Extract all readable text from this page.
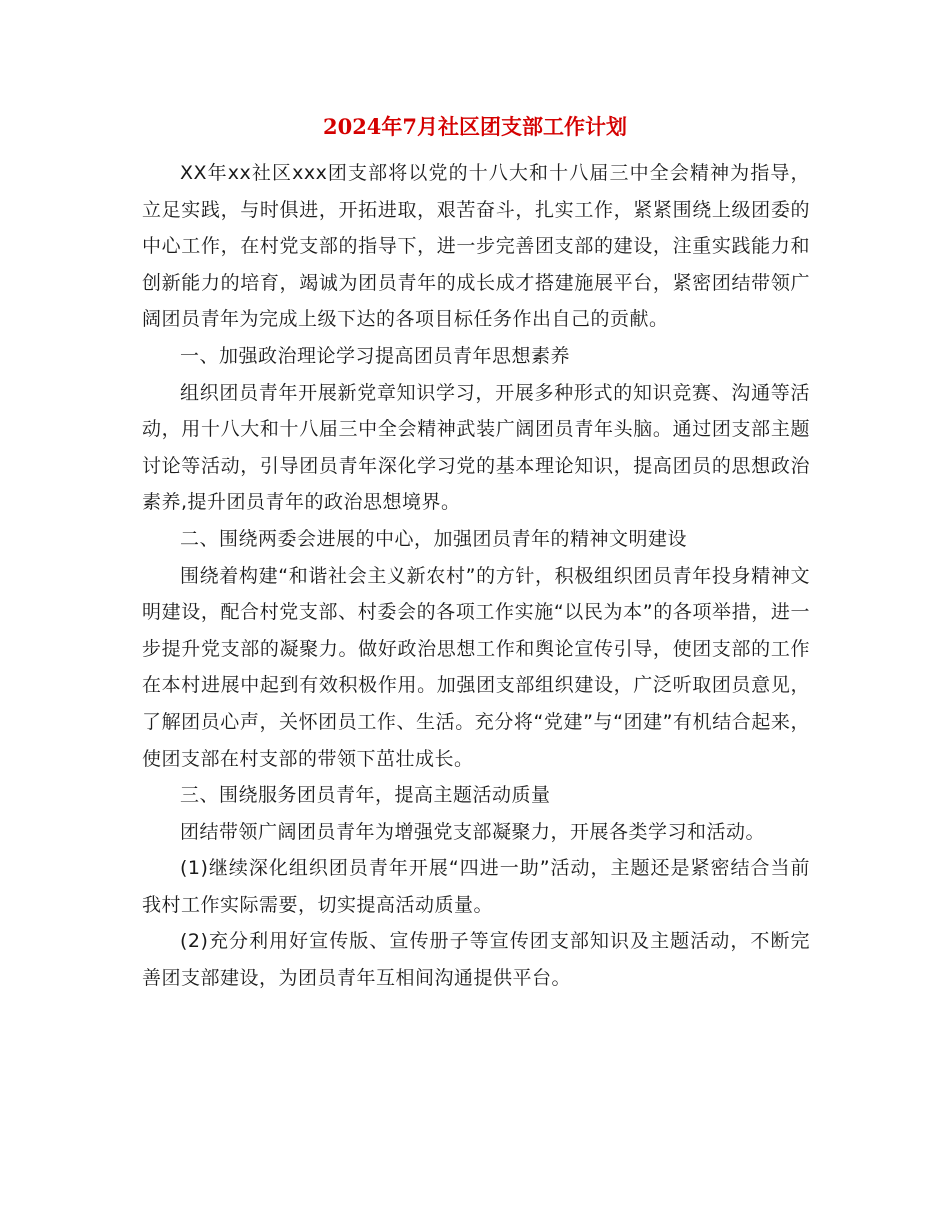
2024年7月社区团支部工作计划

XX年xx社区xxx团支部将以党的十八大和十八届三中全会精神为指导，立足实践，与时俱进，开拓进取，艰苦奋斗，扎实工作，紧紧围绕上级团委的中心工作，在村党支部的指导下，进一步完善团支部的建设，注重实践能力和创新能力的培育，竭诚为团员青年的成长成才搭建施展平台，紧密团结带领广阔团员青年为完成上级下达的各项目标任务作出自己的贡献。

一、加强政治理论学习提高团员青年思想素养

组织团员青年开展新党章知识学习，开展多种形式的知识竞赛、沟通等活动，用十八大和十八届三中全会精神武装广阔团员青年头脑。通过团支部主题讨论等活动，引导团员青年深化学习党的基本理论知识，提高团员的思想政治素养,提升团员青年的政治思想境界。

二、围绕两委会进展的中心，加强团员青年的精神文明建设

围绕着构建“和谐社会主义新农村”的方针，积极组织团员青年投身精神文明建设，配合村党支部、村委会的各项工作实施“以民为本”的各项举措，进一步提升党支部的凝聚力。做好政治思想工作和舆论宣传引导，使团支部的工作在本村进展中起到有效积极作用。加强团支部组织建设，广泛听取团员意见，了解团员心声，关怀团员工作、生活。充分将“党建”与“团建”有机结合起来，使团支部在村支部的带领下茁壮成长。

三、围绕服务团员青年，提高主题活动质量

团结带领广阔团员青年为增强党支部凝聚力，开展各类学习和活动。

(1)继续深化组织团员青年开展“四进一助”活动，主题还是紧密结合当前我村工作实际需要，切实提高活动质量。

(2)充分利用好宣传版、宣传册子等宣传团支部知识及主题活动，不断完善团支部建设，为团员青年互相间沟通提供平台。
